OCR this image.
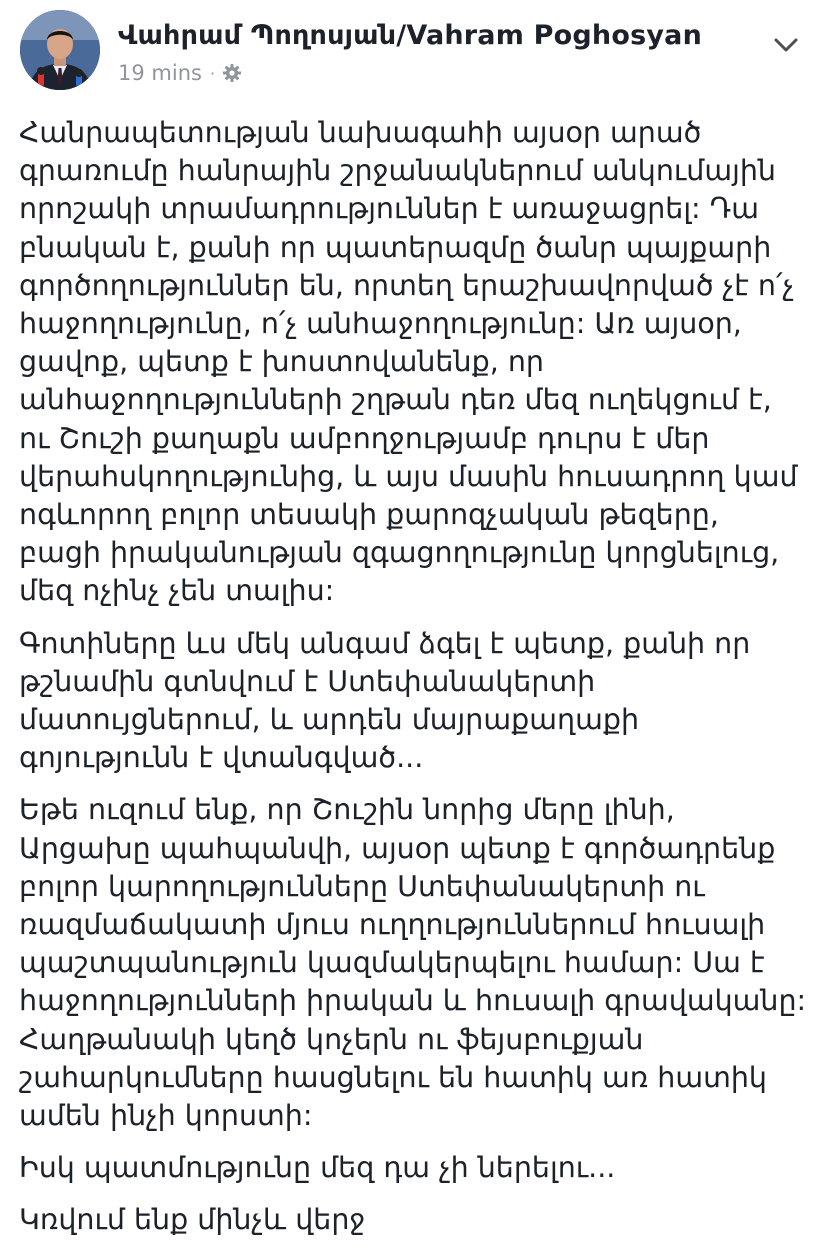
Վահրամ Պողոսյան/Vahram Poghosyan
19 mins ·

Հանրապետության նախագահի այսօր արած գրառումը հանրային շրջանակներում անկումային որոշակի տրամադրություններ է առաջացրել: Դա բնական է, քանի որ պատերազմը ծանր պայքարի գործողություններ են, որտեղ երաշխավորված չէ ո՛չ հաջողությունը, ո՛չ անհաջողությունը: Առ այսօր, ցավոք, պետք է խոստովանենք, որ անհաջողությունների շղթան դեռ մեզ ուղեկցում է, ու Շուշի քաղաքն ամբողջությամբ դուրս է մեր վերահսկողությունից, և այս մասին հուսադրող կամ ոգևորող բոլոր տեսակի քարոզչական թեզերը, բացի իրականության զգացողությունը կորցնելուց, մեզ ոչինչ չեն տալիս:

Գոտիները ևս մեկ անգամ ձգել է պետք, քանի որ թշնամին գտնվում է Ստեփանակերտի մատույցներում, և արդեն մայրաքաղաքի գոյությունն է վտանգված...

Եթե ուզում ենք, որ Շուշին նորից մերը լինի, Արցախը պահպանվի, այսօր պետք է գործադրենք բոլոր կարողությունները Ստեփանակերտի ու ռազմաճակատի մյուս ուղղություններում հուսալի պաշտպանություն կազմակերպելու համար: Սա է հաջողությունների իրական և հուսալի գրավականը: Հաղթանակի կեղծ կոչերն ու ֆեյսբուքյան շահարկումները հասցնելու են հատիկ առ հատիկ ամեն ինչի կորստի:

Իսկ պատմությունը մեզ դա չի ներելու...

Կռվում ենք մինչև վերջ
